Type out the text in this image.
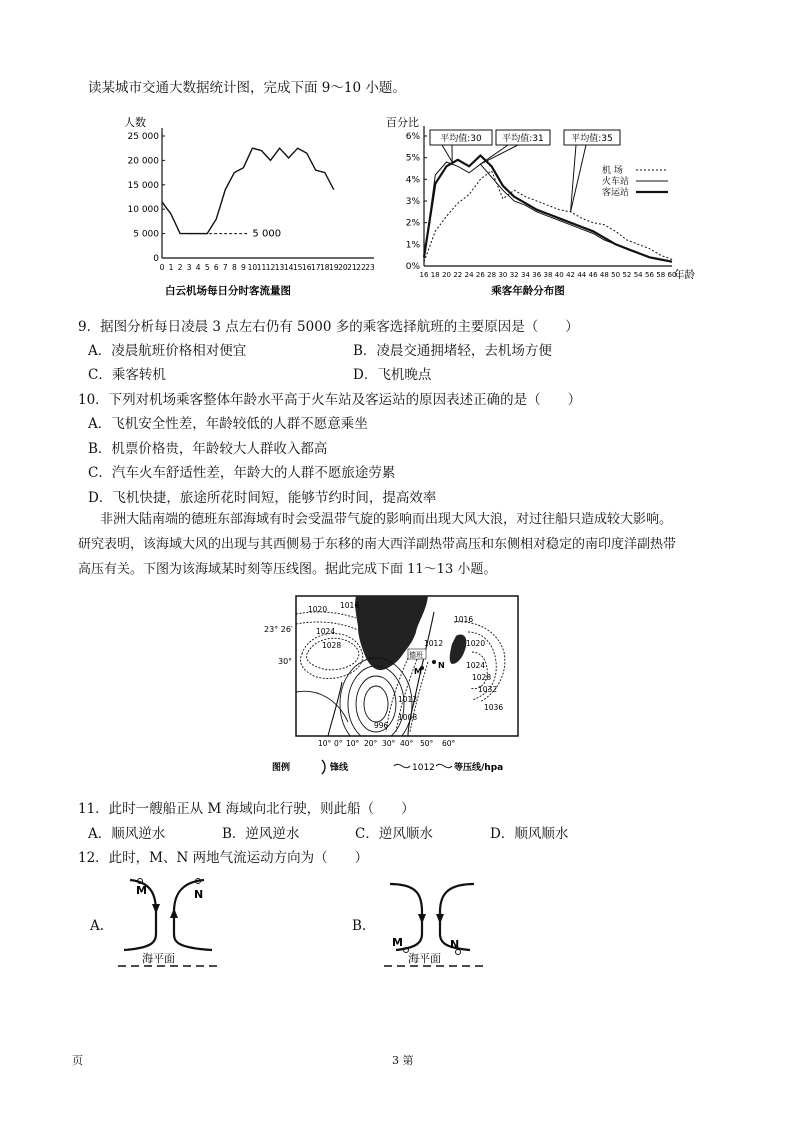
读某城市交通大数据统计图，完成下面 9～10 小题。
人数
0
5 000
10 000
15 000
20 000
25 000
0 1 2 3 4 5 6 7 8 9 10 11 12 13 14 15 16 17 18 19 20 21 22 23
5 000
白云机场每日分时客流量图
百分比
0%
1%
2%
3%
4%
5%
6%
16 18 20 22 24 26 28 30 32 34 36 38 40 42 44 46 48 50 52 54 56 58 60
平均值:30 平均值:31	平均值:35
机 场
火车站
客运站
年龄
乘客年龄分布图
9．据图分析每日凌晨 3 点左右仍有 5000 多的乘客选择航班的主要原因是（　　）
A．凌晨航班价格相对便宜	B．凌晨交通拥堵轻，去机场方便
C．乘客转机	D．飞机晚点
10．下列对机场乘客整体年龄水平高于火车站及客运站的原因表述正确的是（　　）
A．飞机安全性差，年龄较低的人群不愿意乘坐
B．机票价格贵，年龄较大人群收入都高
C．汽车火车舒适性差，年龄大的人群不愿旅途劳累
D．飞机快捷，旅途所花时间短，能够节约时间，提高效率
非洲大陆南端的德班东部海域有时会受温带气旋的影响而出现大风大浪，对过往船只造成较大影响。
研究表明，该海域大风的出现与其西侧易于东移的南大西洋副热带高压和东侧相对稳定的南印度洋副热带
高压有关。下图为该海域某时刻等压线图。据此完成下面 11～13 小题。
1020 1016
1024
1028
1016
1012	1020
1024
1028
1032
1036
1012
1008
996
23° 26′
30°
德班
M
N
10° 0° 10° 20° 30° 40° 50° 60°
图例	锋线	1012 等压线/hpa
11．此时一艘船正从 M 海域向北行驶，则此船（　　）
A．顺风逆水	B．逆风逆水	C．逆风顺水	D．顺风顺水
12．此时，M、N 两地气流运动方向为（　　）
A.
M	N
海平面
B.
M	N
海平面
页	3 第
